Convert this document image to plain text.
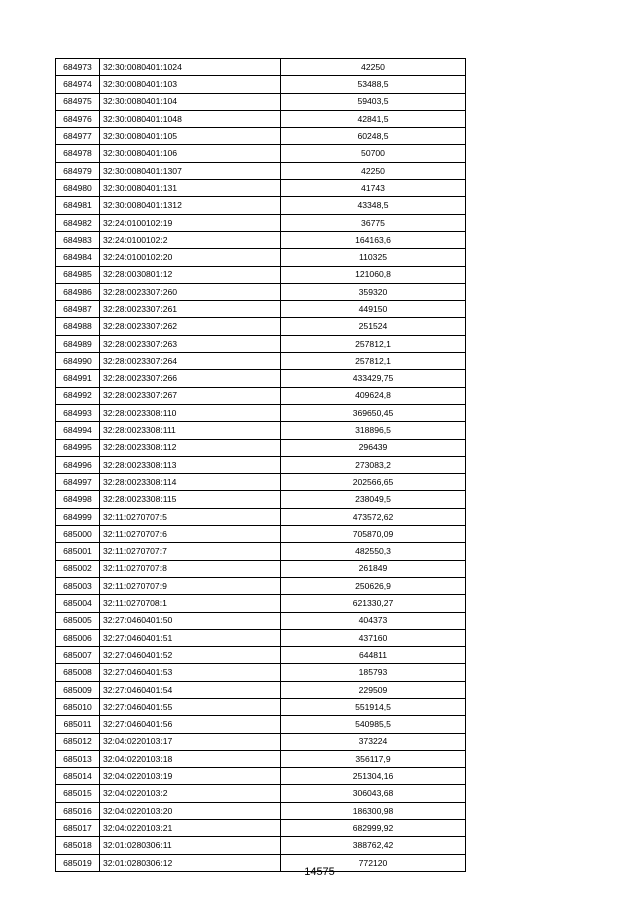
684973	32:30:0080401:1024	42250
684974	32:30:0080401:103	53488,5
684975	32:30:0080401:104	59403,5
684976	32:30:0080401:1048	42841,5
684977	32:30:0080401:105	60248,5
684978	32:30:0080401:106	50700
684979	32:30:0080401:1307	42250
684980	32:30:0080401:131	41743
684981	32:30:0080401:1312	43348,5
684982	32:24:0100102:19	36775
684983	32:24:0100102:2	164163,6
684984	32:24:0100102:20	110325
684985	32:28:0030801:12	121060,8
684986	32:28:0023307:260	359320
684987	32:28:0023307:261	449150
684988	32:28:0023307:262	251524
684989	32:28:0023307:263	257812,1
684990	32:28:0023307:264	257812,1
684991	32:28:0023307:266	433429,75
684992	32:28:0023307:267	409624,8
684993	32:28:0023308:110	369650,45
684994	32:28:0023308:111	318896,5
684995	32:28:0023308:112	296439
684996	32:28:0023308:113	273083,2
684997	32:28:0023308:114	202566,65
684998	32:28:0023308:115	238049,5
684999	32:11:0270707:5	473572,62
685000	32:11:0270707:6	705870,09
685001	32:11:0270707:7	482550,3
685002	32:11:0270707:8	261849
685003	32:11:0270707:9	250626,9
685004	32:11:0270708:1	621330,27
685005	32:27:0460401:50	404373
685006	32:27:0460401:51	437160
685007	32:27:0460401:52	644811
685008	32:27:0460401:53	185793
685009	32:27:0460401:54	229509
685010	32:27:0460401:55	551914,5
685011	32:27:0460401:56	540985,5
685012	32:04:0220103:17	373224
685013	32:04:0220103:18	356117,9
685014	32:04:0220103:19	251304,16
685015	32:04:0220103:2	306043,68
685016	32:04:0220103:20	186300,98
685017	32:04:0220103:21	682999,92
685018	32:01:0280306:11	388762,42
685019	32:01:0280306:12	772120
14575
